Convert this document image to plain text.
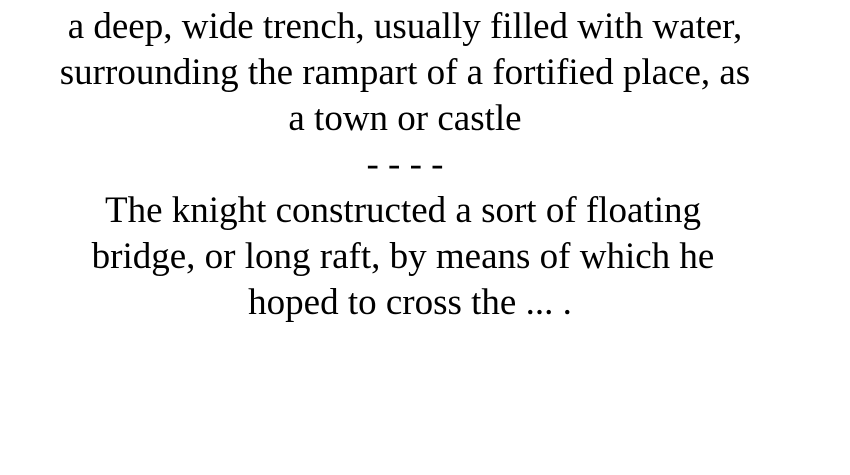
a deep, wide trench, usually filled with water,
surrounding the rampart of a fortified place, as
a town or castle
- - - -
The knight constructed a sort of floating
bridge, or long raft, by means of which he
hoped to cross the ... .
